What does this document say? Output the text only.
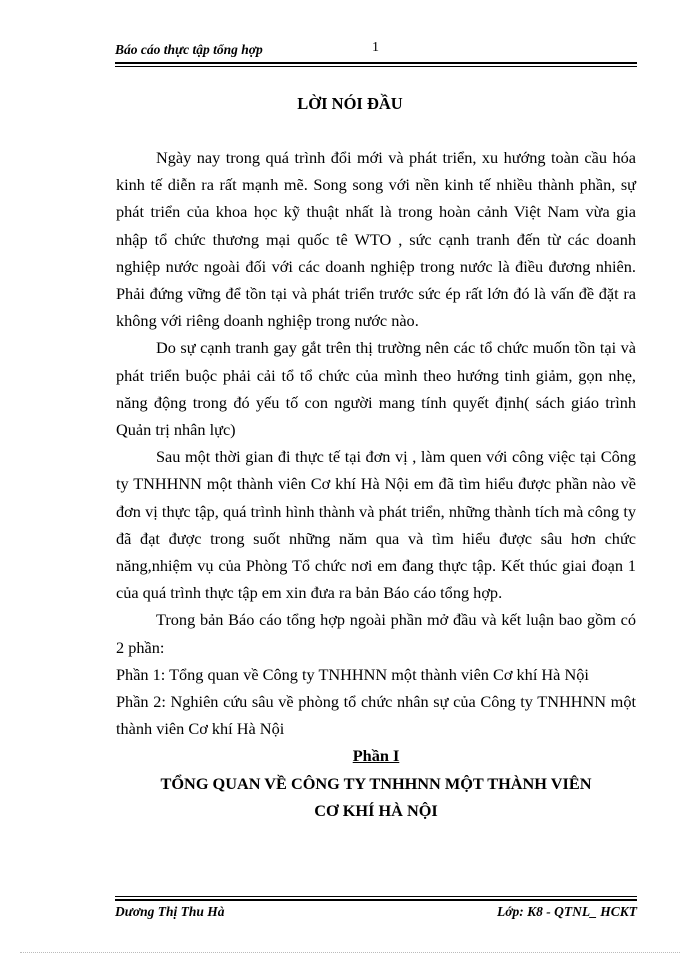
Báo cáo thực tập tổng hợp	1
LỜI NÓI ĐẦU

Ngày nay trong quá trình đổi mới và phát triển, xu hướng toàn cầu hóa kinh tế diễn ra rất mạnh mẽ. Song song với nền kinh tế nhiều thành phần, sự phát triển của khoa học kỹ thuật nhất là trong hoàn cảnh Việt Nam vừa gia nhập tổ chức thương mại quốc tê WTO , sức cạnh tranh đến từ các doanh nghiệp nước ngoài đối với các doanh nghiệp trong nước là điều đương nhiên. Phải đứng vững để tồn tại và phát triển trước sức ép rất lớn đó là vấn đề đặt ra không với riêng doanh nghiệp trong nước nào.

Do sự cạnh tranh gay gắt trên thị trường nên các tổ chức muốn tồn tại và phát triển buộc phải cải tổ tổ chức của mình theo hướng tinh giảm, gọn nhẹ, năng động trong đó yếu tố con người mang tính quyết định( sách giáo trình Quản trị nhân lực)

Sau một thời gian đi thực tế tại đơn vị , làm quen với công việc tại Công ty TNHHNN một thành viên Cơ khí Hà Nội em đã tìm hiểu được phần nào về đơn vị thực tập, quá trình hình thành và phát triển, những thành tích mà công ty đã đạt được trong suốt những năm qua và tìm hiểu được sâu hơn chức năng,nhiệm vụ của Phòng Tổ chức nơi em đang thực tập. Kết thúc giai đoạn 1 của quá trình thực tập em xin đưa ra bản Báo cáo tổng hợp.

Trong bản Báo cáo tổng hợp ngoài phần mở đầu và kết luận bao gồm có 2 phần:

Phần 1: Tổng quan về Công ty TNHHNN một thành viên Cơ khí Hà Nội

Phần 2: Nghiên cứu sâu về phòng tổ chức nhân sự của Công ty TNHHNN một thành viên Cơ khí Hà Nội

Phần I

TỔNG QUAN VỀ CÔNG TY TNHHNN MỘT THÀNH VIÊN

CƠ KHÍ HÀ NỘI

Dương Thị Thu Hà	Lớp: K8 - QTNL_ HCKT
